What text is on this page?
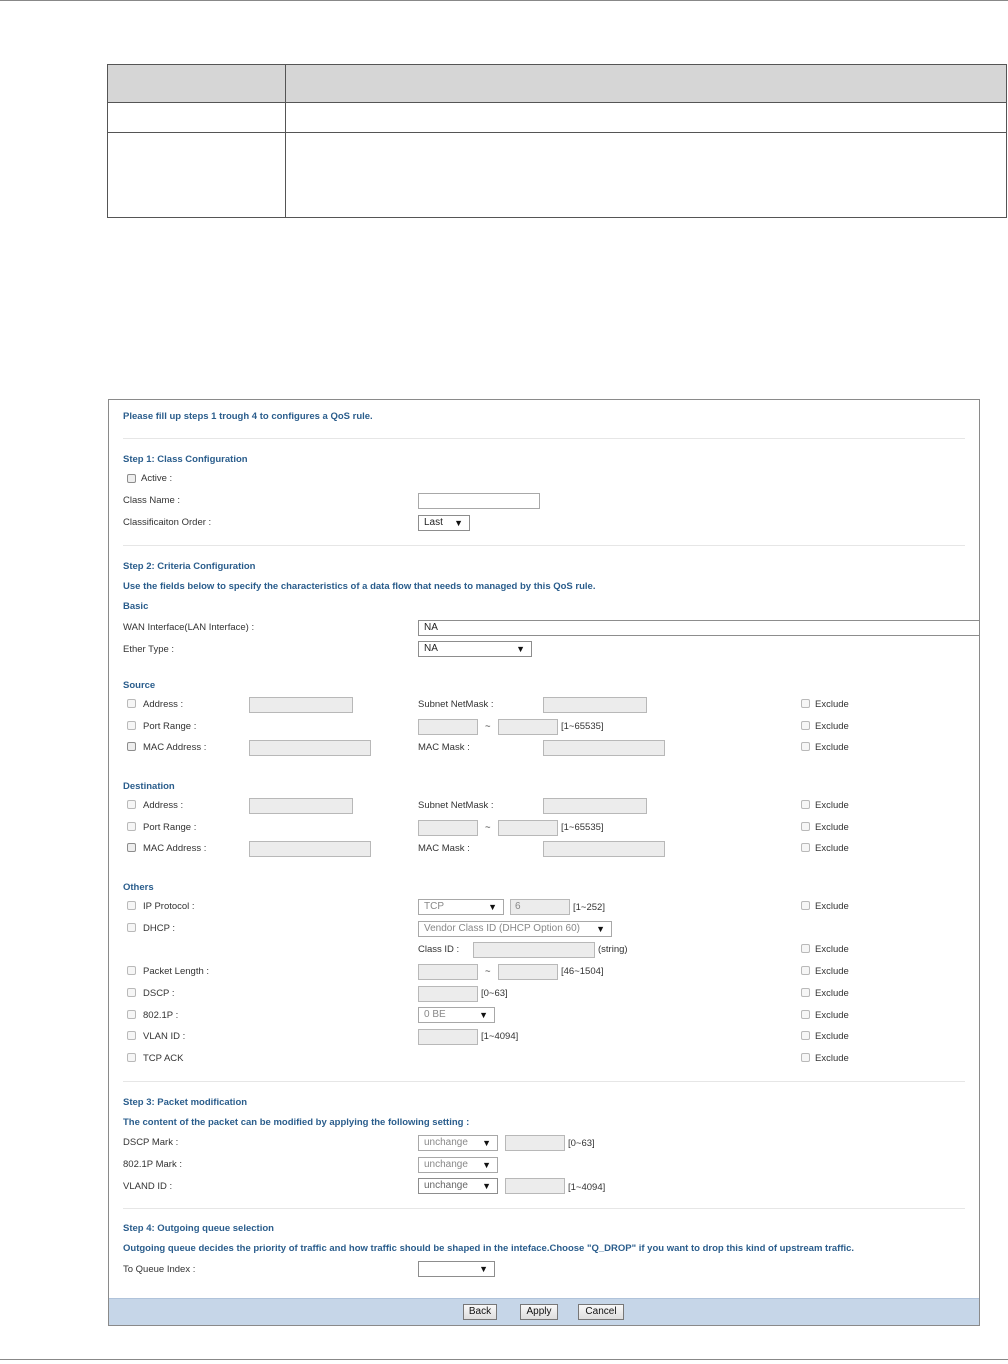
Please fill up steps 1 trough 4 to configures a QoS rule.
Step 1: Class Configuration
Active :
Class Name :
Classificaiton Order :	Last ▼
Step 2: Criteria Configuration
Use the fields below to specify the characteristics of a data flow that needs to managed by this QoS rule.
Basic
WAN Interface(LAN Interface) :	NA
Ether Type :	NA	▼
Source
Address :	Subnet NetMask :	Exclude
Port Range :	~	[1~65535]	Exclude
MAC Address :	MAC Mask :	Exclude
Destination
Address :	Subnet NetMask :	Exclude
Port Range :	~	[1~65535]	Exclude
MAC Address :	MAC Mask :	Exclude
Others
IP Protocol :	TCP	▼	6	[1~252]	Exclude
DHCP :	Vendor Class ID (DHCP Option 60) ▼
Class ID :	(string)	Exclude
Packet Length :	~	[46~1504]	Exclude
DSCP :	[0~63]	Exclude
802.1P :	0 BE	▼	Exclude
VLAN ID :	[1~4094]	Exclude
TCP ACK	Exclude
Step 3: Packet modification
The content of the packet can be modified by applying the following setting :
DSCP Mark :	unchange ▼	[0~63]
802.1P Mark :	unchange ▼
VLAND ID :	unchange ▼	[1~4094]
Step 4: Outgoing queue selection
Outgoing queue decides the priority of traffic and how traffic should be shaped in the inteface.Choose "Q_DROP" if you want to drop this kind of upstream traffic.
To Queue Index :	▼
Back	Apply	Cancel
